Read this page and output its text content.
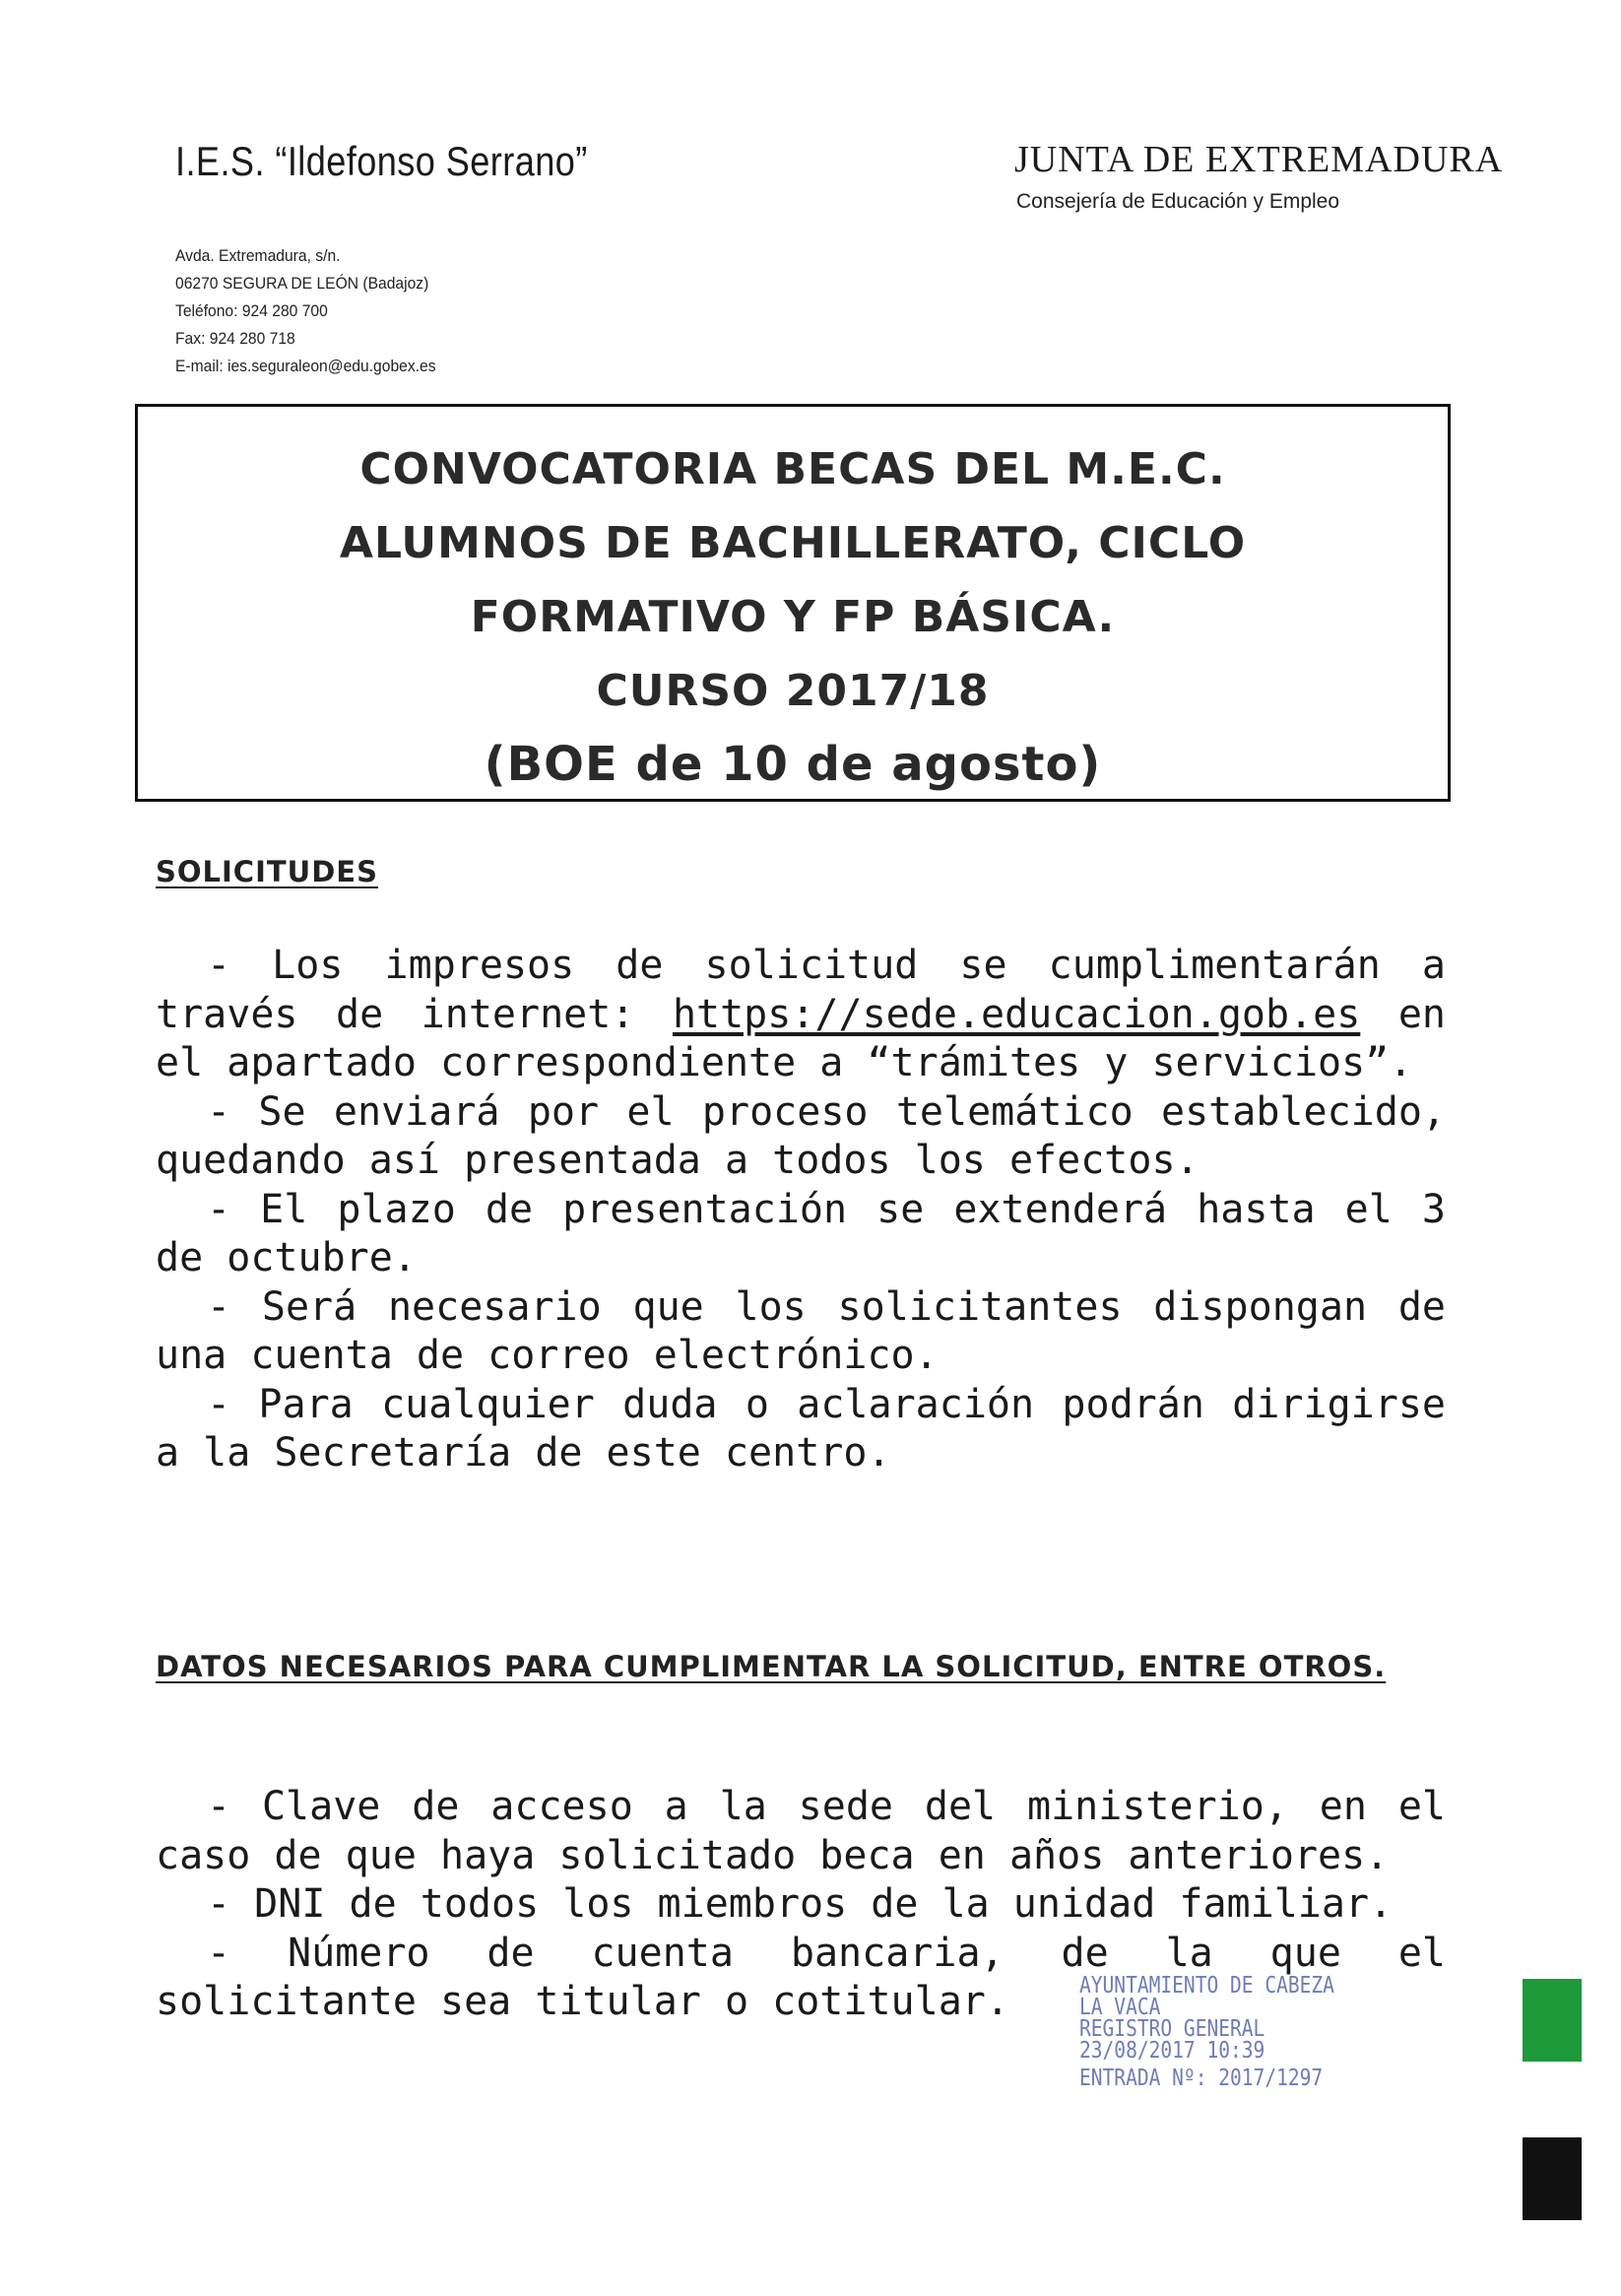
I.E.S. “Ildefonso Serrano”	JUNTA DE EXTREMADURA
Consejería de Educación y Empleo
Avda. Extremadura, s/n.
06270 SEGURA DE LEÓN (Badajoz)
Teléfono: 924 280 700
Fax: 924 280 718
E-mail: ies.seguraleon@edu.gobex.es
CONVOCATORIA BECAS DEL M.E.C.
ALUMNOS DE BACHILLERATO, CICLO
FORMATIVO Y FP BÁSICA.
CURSO 2017/18
(BOE de 10 de agosto)
SOLICITUDES

- Los impresos de solicitud se cumplimentarán a través de internet: https://sede.educacion.gob.es en el apartado correspondiente a “trámites y servicios”.

- Se enviará por el proceso telemático establecido, quedando así presentada a todos los efectos.

- El plazo de presentación se extenderá hasta el 3 de octubre.

- Será necesario que los solicitantes dispongan de una cuenta de correo electrónico.

- Para cualquier duda o aclaración podrán dirigirse a la Secretaría de este centro.

DATOS NECESARIOS PARA CUMPLIMENTAR LA SOLICITUD, ENTRE OTROS.

- Clave de acceso a la sede del ministerio, en el caso de que haya solicitado beca en años anteriores.

- DNI de todos los miembros de la unidad familiar.

- Número de cuenta bancaria, de la que el solicitante sea titular o cotitular.	AYUNTAMIENTO DE CABEZA
LA VACA
REGISTRO GENERAL
23/08/2017 10:39
ENTRADA Nº: 2017/1297
